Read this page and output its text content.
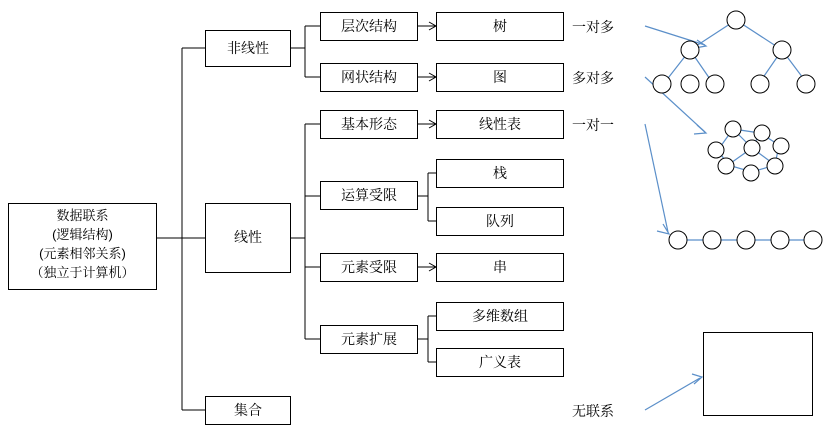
数据联系
(逻辑结构)
(元素相邻关系)
（独立于计算机）
非线性
线性
集合
层次结构
网状结构
基本形态
运算受限
元素受限
元素扩展
树
图
线性表
栈
队列
串
多维数组
广义表
一对多
多对多
一对一
无联系
